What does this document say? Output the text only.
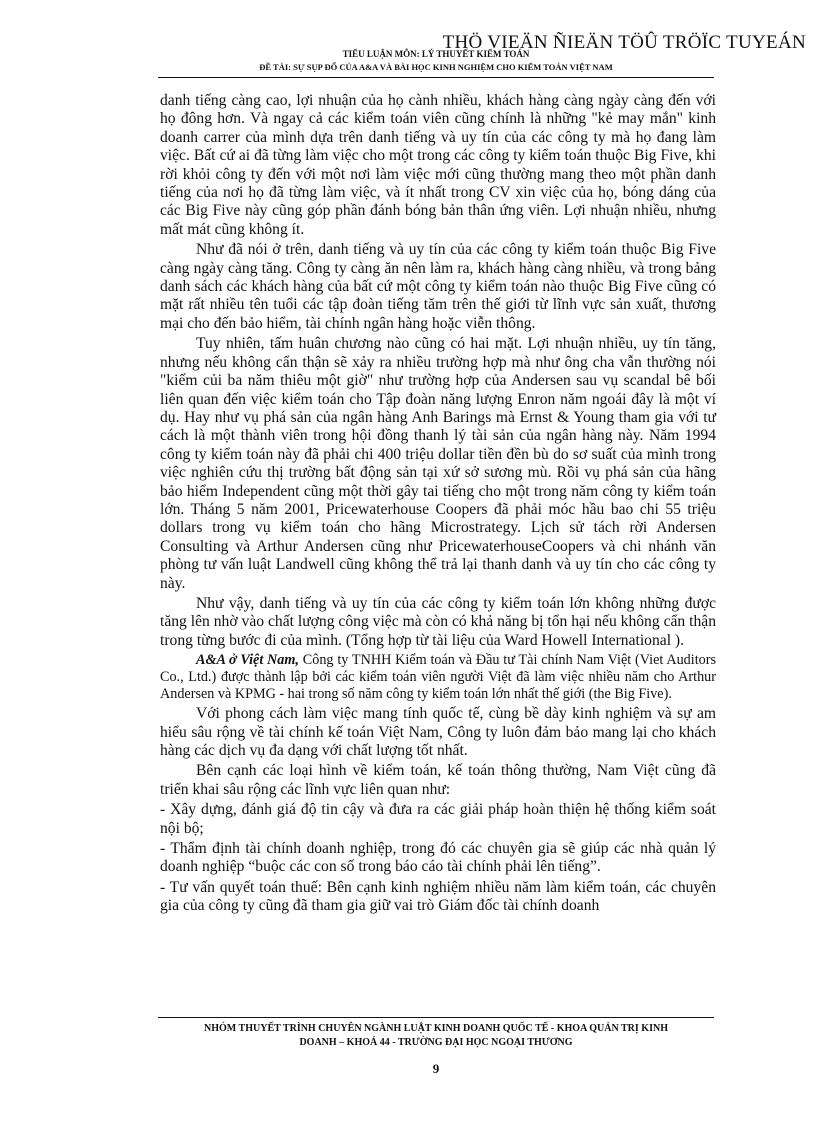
THÖ VIEÄN ÑIEÄN TÖÛ TRÖÏC TUYEÁN
TIỂU LUẬN MÔN: LÝ THUYẾT KIỂM TOÁN
ĐỀ TÀI: SỰ SỤP ĐỔ CỦA A&A VÀ BÀI HỌC KINH NGHIỆM CHO KIỂM TOÁN VIỆT NAM

danh tiếng càng cao, lợi nhuận của họ cành nhiều, khách hàng càng ngày càng đến với họ đông hơn. Và ngay cả các kiểm toán viên cũng chính là những "kẻ may mắn" kinh doanh carrer của mình dựa trên danh tiếng và uy tín của các công ty mà họ đang làm việc. Bất cứ ai đã từng làm việc cho một trong các công ty kiểm toán thuộc Big Five, khi rời khỏi công ty đến với một nơi làm việc mới cũng thường mang theo một phần danh tiếng của nơi họ đã từng làm việc, và ít nhất trong CV xin việc của họ, bóng dáng của các Big Five này cũng góp phần đánh bóng bản thân ứng viên. Lợi nhuận nhiều, nhưng mất mát cũng không ít.

Như đã nói ở trên, danh tiếng và uy tín của các công ty kiểm toán thuộc Big Five càng ngày càng tăng. Công ty càng ăn nên làm ra, khách hàng càng nhiều, và trong bảng danh sách các khách hàng của bất cứ một công ty kiểm toán nào thuộc Big Five cũng có mặt rất nhiều tên tuổi các tập đoàn tiếng tăm trên thế giới từ lĩnh vực sản xuất, thương mại cho đến bảo hiểm, tài chính ngân hàng hoặc viễn thông.

Tuy nhiên, tấm huân chương nào cũng có hai mặt. Lợi nhuận nhiều, uy tín tăng, nhưng nếu không cẩn thận sẽ xảy ra nhiều trường hợp mà như ông cha vẫn thường nói "kiếm củi ba năm thiêu một giờ" như trường hợp của Andersen sau vụ scandal bê bối liên quan đến việc kiểm toán cho Tập đoàn năng lượng Enron năm ngoái đây là một ví dụ. Hay như vụ phá sản của ngân hàng Anh Barings mà Ernst & Young tham gia với tư cách là một thành viên trong hội đồng thanh lý tài sản của ngân hàng này. Năm 1994 công ty kiểm toán này đã phải chi 400 triệu dollar tiền đền bù do sơ suất của mình trong việc nghiên cứu thị trường bất động sản tại xứ sở sương mù. Rồi vụ phá sản của hãng bảo hiểm Independent cũng một thời gây tai tiếng cho một trong năm công ty kiểm toán lớn. Tháng 5 năm 2001, Pricewaterhouse Coopers đã phải móc hầu bao chi 55 triệu dollars trong vụ kiểm toán cho hãng Microstrategy. Lịch sử tách rời Andersen Consulting và Arthur Andersen cũng như PricewaterhouseCoopers và chi nhánh văn phòng tư vấn luật Landwell cũng không thể trả lại thanh danh và uy tín cho các công ty này.

Như vậy, danh tiếng và uy tín của các công ty kiểm toán lớn không những được tăng lên nhờ vào chất lượng công việc mà còn có khả năng bị tổn hại nếu không cẩn thận trong từng bước đi của mình. (Tổng hợp từ tài liệu của Ward Howell International ).

A&A ở Việt Nam, Công ty TNHH Kiểm toán và Đầu tư Tài chính Nam Việt (Viet Auditors Co., Ltd.) được thành lập bởi các kiểm toán viên người Việt đã làm việc nhiều năm cho Arthur Andersen và KPMG - hai trong số năm công ty kiểm toán lớn nhất thế giới (the Big Five).

Với phong cách làm việc mang tính quốc tế, cùng bề dày kinh nghiệm và sự am hiểu sâu rộng về tài chính kế toán Việt Nam, Công ty luôn đảm bảo mang lại cho khách hàng các dịch vụ đa dạng với chất lượng tốt nhất.

Bên cạnh các loại hình về kiểm toán, kế toán thông thường, Nam Việt cũng đã triển khai sâu rộng các lĩnh vực liên quan như:

- Xây dựng, đánh giá độ tin cậy và đưa ra các giải pháp hoàn thiện hệ thống kiểm soát nội bộ;

- Thẩm định tài chính doanh nghiệp, trong đó các chuyên gia sẽ giúp các nhà quản lý doanh nghiệp “buộc các con số trong báo cáo tài chính phải lên tiếng”.

- Tư vấn quyết toán thuế: Bên cạnh kinh nghiệm nhiều năm làm kiểm toán, các chuyên gia của công ty cũng đã tham gia giữ vai trò Giám đốc tài chính doanh

NHÓM THUYẾT TRÌNH CHUYÊN NGÀNH LUẬT KINH DOANH QUỐC TẾ - KHOA QUẢN TRỊ KINH
DOANH – KHOÁ 44 - TRƯỜNG ĐẠI HỌC NGOẠI THƯƠNG
9
